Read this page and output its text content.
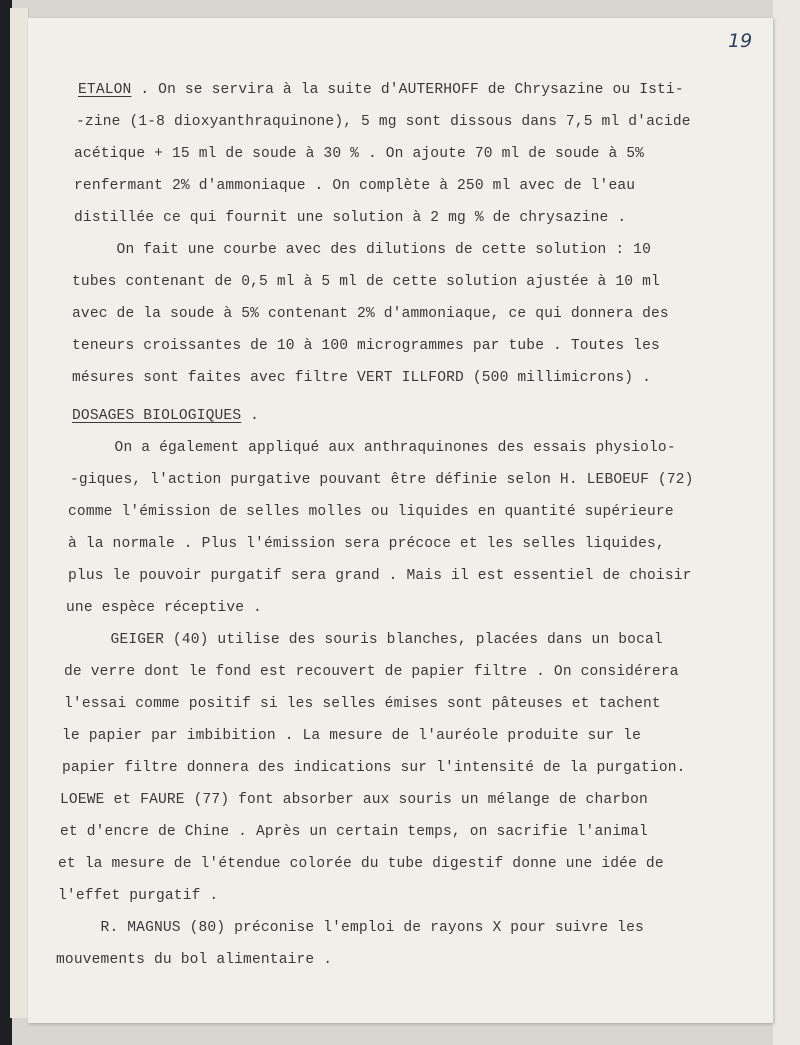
19
ETALON . On se servira à la suite d'AUTERHOFF de Chrysazine ou Isti-
-zine (1-8 dioxyanthraquinone), 5 mg sont dissous dans 7,5 ml d'acide
acétique + 15 ml de soude à 30 % . On ajoute 70 ml de soude à 5%
renfermant 2% d'ammoniaque . On complète à 250 ml avec de l'eau
distillée ce qui fournit une solution à 2 mg % de chrysazine .
On fait une courbe avec des dilutions de cette solution : 10
tubes contenant de 0,5 ml à 5 ml de cette solution ajustée à 10 ml
avec de la soude à 5% contenant 2% d'ammoniaque, ce qui donnera des
teneurs croissantes de 10 à 100 microgrammes par tube . Toutes les
mésures sont faites avec filtre VERT ILLFORD (500 millimicrons) .
DOSAGES BIOLOGIQUES .
On a également appliqué aux anthraquinones des essais physiolo-
-giques, l'action purgative pouvant être définie selon H. LEBOEUF (72)
comme l'émission de selles molles ou liquides en quantité supérieure
à la normale . Plus l'émission sera précoce et les selles liquides,
plus le pouvoir purgatif sera grand . Mais il est essentiel de choisir
une espèce réceptive .
GEIGER (40) utilise des souris blanches, placées dans un bocal
de verre dont le fond est recouvert de papier filtre . On considérera
l'essai comme positif si les selles émises sont pâteuses et tachent
le papier par imbibition . La mesure de l'auréole produite sur le
papier filtre donnera des indications sur l'intensité de la purgation.
LOEWE et FAURE (77) font absorber aux souris un mélange de charbon
et d'encre de Chine . Après un certain temps, on sacrifie l'animal
et la mesure de l'étendue colorée du tube digestif donne une idée de
l'effet purgatif .
R. MAGNUS (80) préconise l'emploi de rayons X pour suivre les
mouvements du bol alimentaire .
